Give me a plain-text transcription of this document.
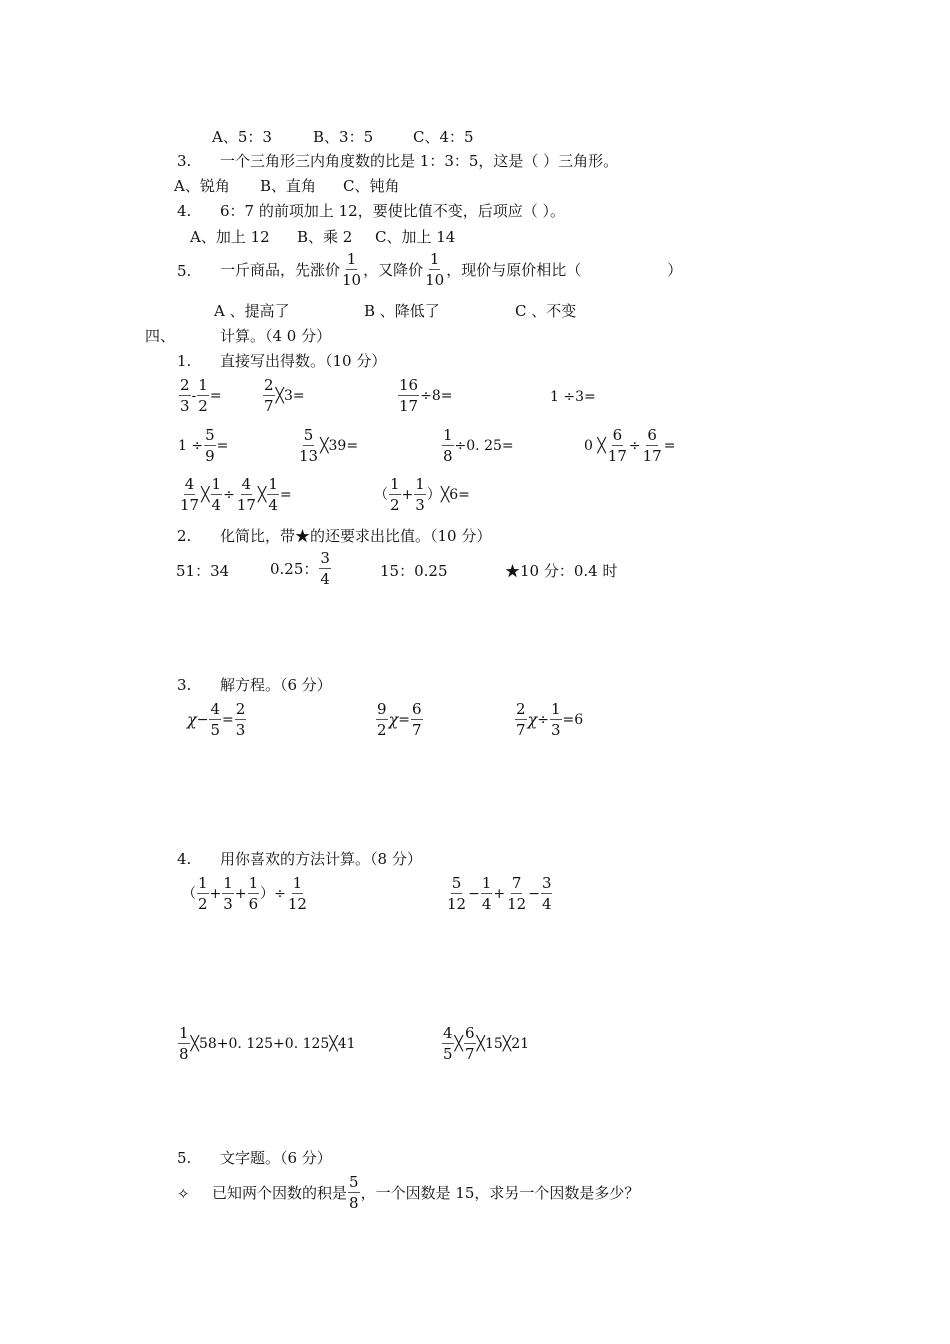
A、5：3	B、3：5	C、4：5
3. 一个三角形三内角度数的比是 1：3：5，这是（ ）三角形。
A、锐角 B、直角 C、钝角
4. 6：7 的前项加上 12，要使比值不变，后项应（ ）。
A、加上 12 B、乘 2 C、加上 14
5. 一斤商品，先涨价 $\frac{1}{10}$ ，又降价 $\frac{1}{10}$ ，现价与原价相比（	）
A 、提高了	B 、降低了	C 、不变
四、	计算。（4 0 分）
1. 直接写出得数。（10 分）
$\frac{2}{3} - \frac{1}{2}$ =	$\frac{2}{7}$ ╳3=	$\frac{16}{17} \div 8=$	1 ÷3=
$1 \div \frac{5}{9}$ =	$\frac{5}{13}$ ╳39=	$\frac{1}{8} \div 0$. 25=	0 ╳ $\frac{6}{17} \div \frac{6}{17}$ =
$\frac{4}{17}$ ╳ $\frac{1}{4} \div \frac{4}{17}$ ╳ $\frac{1}{4}$ =	（ $\frac{1}{2} + \frac{1}{3}$ ） ╳6=
2. 化简比，带★的还要求出比值。（10 分）
51：34	0.25： $\frac{3}{4}$	15：0.25	★10 分：0.4 时
3. 解方程。（6 分）
$\chi - \frac{4}{5} = \frac{2}{3}$	$\frac{9}{2}$ $\chi = \frac{6}{7}$	$\frac{2}{7}$ $\chi \div \frac{1}{3} =6$
4. 用你喜欢的方法计算。（8 分）
（ $\frac{1}{2} + \frac{1}{3} + \frac{1}{6}$ ） ÷ $\frac{1}{12}$	$\frac{5}{12} - \frac{1}{4} + \frac{7}{12} - \frac{3}{4}$
$\frac{1}{8}$ ╳58+0. 125+0. 125╳41	$\frac{4}{5}$ ╳ $\frac{6}{7}$ ╳15╳21
5. 文字题。（6 分）
✧ 已知两个因数的积是 $\frac{5}{8}$ ，一个因数是 15，求另一个因数是多少？
